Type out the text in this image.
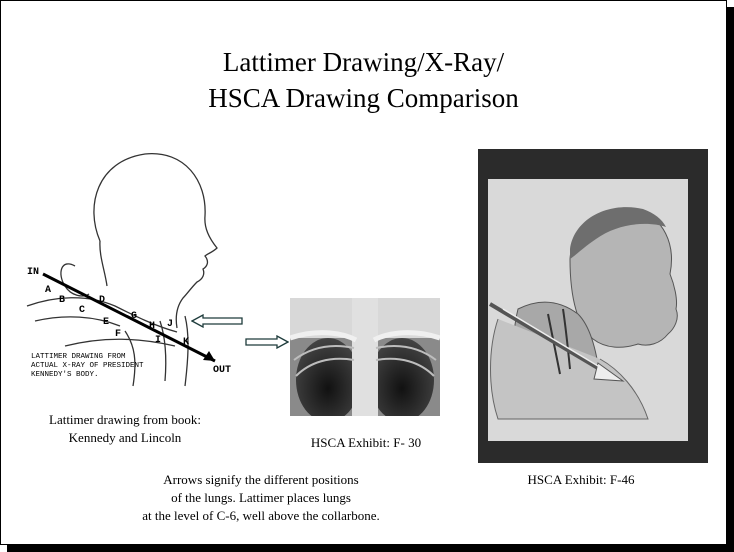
Lattimer Drawing/X-Ray/
HSCA Drawing Comparison
IN
A
B
C
D
E
F
G
H
I
J
K
OUT
LATTIMER DRAWING FROM
ACTUAL X-RAY OF PRESIDENT
KENNEDY'S BODY.
Lattimer drawing from book:
Kennedy and Lincoln	HSCA Exhibit: F- 30
HSCA Exhibit: F-46
Arrows signify the different positions
of the lungs. Lattimer places lungs
at the level of C-6, well above the collarbone.
